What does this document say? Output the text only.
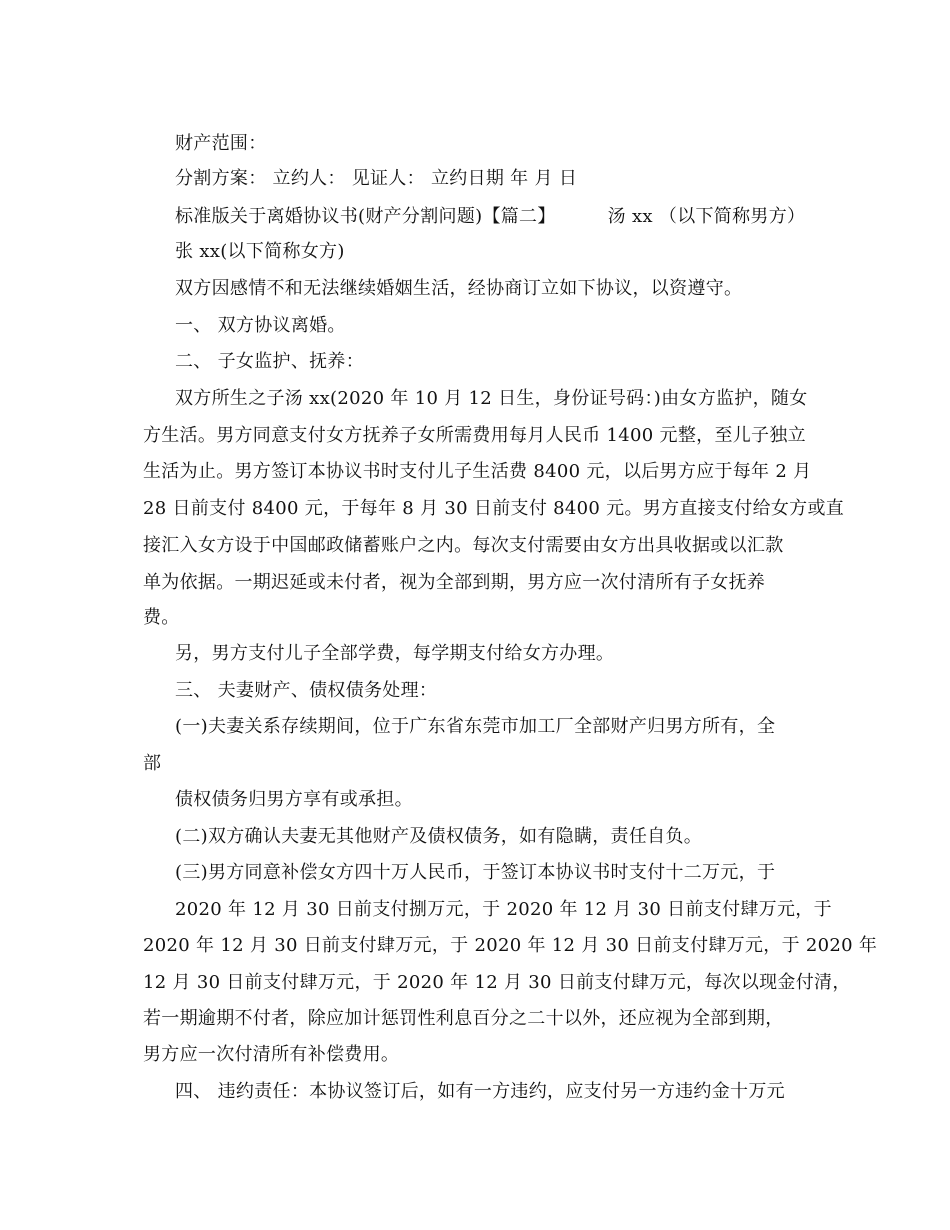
财产范围：
分割方案： 立约人： 见证人： 立约日期 年 月 日
标准版关于离婚协议书(财产分割问题)【篇二】	汤 xx （以下简称男方）
张 xx(以下简称女方)
双方因感情不和无法继续婚姻生活，经协商订立如下协议，以资遵守。
一、 双方协议离婚。
二、 子女监护、抚养：
双方所生之子汤 xx(2020 年 10 月 12 日生，身份证号码：)由女方监护，随女
方生活。男方同意支付女方抚养子女所需费用每月人民币 1400 元整，至儿子独立
生活为止。男方签订本协议书时支付儿子生活费 8400 元，以后男方应于每年 2 月
28 日前支付 8400 元，于每年 8 月 30 日前支付 8400 元。男方直接支付给女方或直
接汇入女方设于中国邮政储蓄账户之内。每次支付需要由女方出具收据或以汇款
单为依据。一期迟延或未付者，视为全部到期，男方应一次付清所有子女抚养
费。
另，男方支付儿子全部学费，每学期支付给女方办理。
三、 夫妻财产、债权债务处理：
(一)夫妻关系存续期间，位于广东省东莞市加工厂全部财产归男方所有，全
部
债权债务归男方享有或承担。
(二)双方确认夫妻无其他财产及债权债务，如有隐瞒，责任自负。
(三)男方同意补偿女方四十万人民币，于签订本协议书时支付十二万元，于
2020 年 12 月 30 日前支付捌万元，于 2020 年 12 月 30 日前支付肆万元，于
2020 年 12 月 30 日前支付肆万元，于 2020 年 12 月 30 日前支付肆万元，于 2020 年
12 月 30 日前支付肆万元，于 2020 年 12 月 30 日前支付肆万元，每次以现金付清，
若一期逾期不付者，除应加计惩罚性利息百分之二十以外，还应视为全部到期，
男方应一次付清所有补偿费用。
四、 违约责任：本协议签订后，如有一方违约，应支付另一方违约金十万元
